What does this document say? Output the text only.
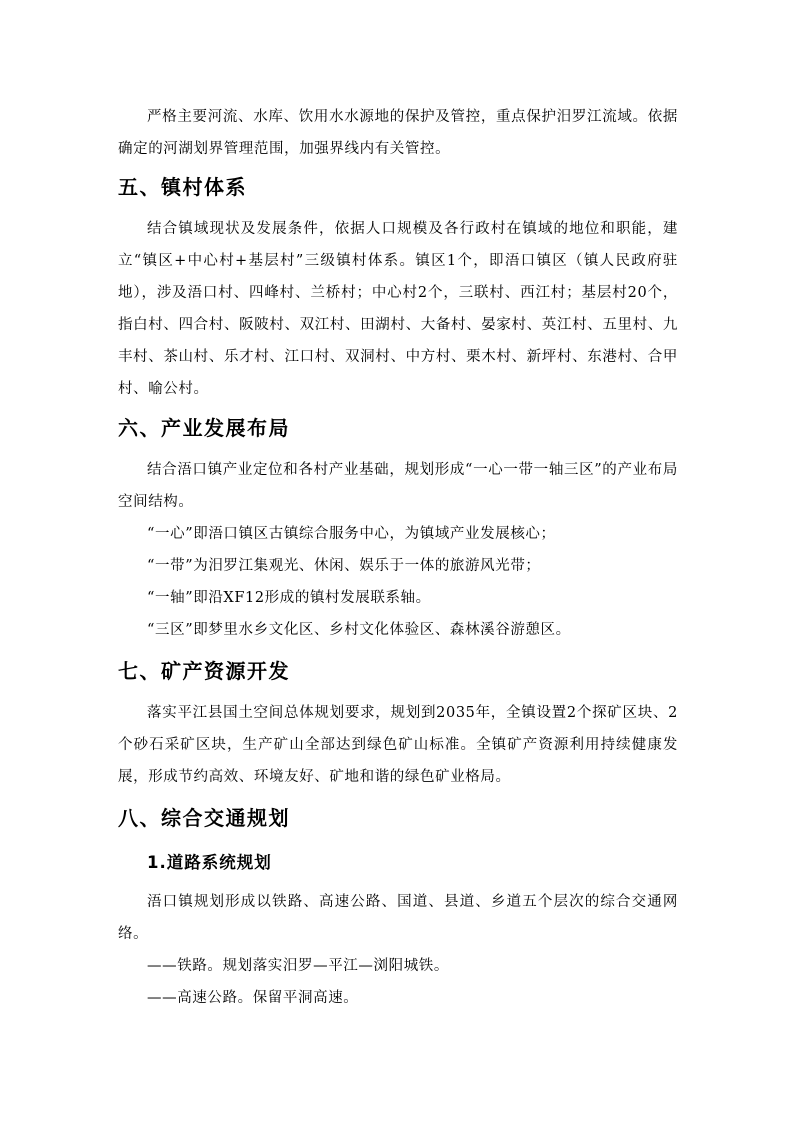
严格主要河流、水库、饮用水水源地的保护及管控，重点保护汨罗江流域。依据确定的河湖划界管理范围，加强界线内有关管控。

五、镇村体系

结合镇域现状及发展条件，依据人口规模及各行政村在镇域的地位和职能，建立“镇区+中心村+基层村”三级镇村体系。镇区1个，即浯口镇区（镇人民政府驻地），涉及浯口村、四峰村、兰桥村；中心村2个，三联村、西江村；基层村20个，指白村、四合村、阪陂村、双江村、田湖村、大备村、晏家村、英江村、五里村、九丰村、茶山村、乐才村、江口村、双洞村、中方村、栗木村、新坪村、东港村、合甲村、喻公村。

六、产业发展布局

结合浯口镇产业定位和各村产业基础，规划形成“一心一带一轴三区”的产业布局空间结构。

“一心”即浯口镇区古镇综合服务中心，为镇域产业发展核心；

“一带”为汨罗江集观光、休闲、娱乐于一体的旅游风光带；

“一轴”即沿XF12形成的镇村发展联系轴。

“三区”即梦里水乡文化区、乡村文化体验区、森林溪谷游憩区。

七、矿产资源开发

落实平江县国土空间总体规划要求，规划到2035年，全镇设置2个探矿区块、2个砂石采矿区块，生产矿山全部达到绿色矿山标准。全镇矿产资源利用持续健康发展，形成节约高效、环境友好、矿地和谐的绿色矿业格局。

八、综合交通规划
1.道路系统规划

浯口镇规划形成以铁路、高速公路、国道、县道、乡道五个层次的综合交通网络。

——铁路。规划落实汨罗—平江—浏阳城铁。

——高速公路。保留平洞高速。
